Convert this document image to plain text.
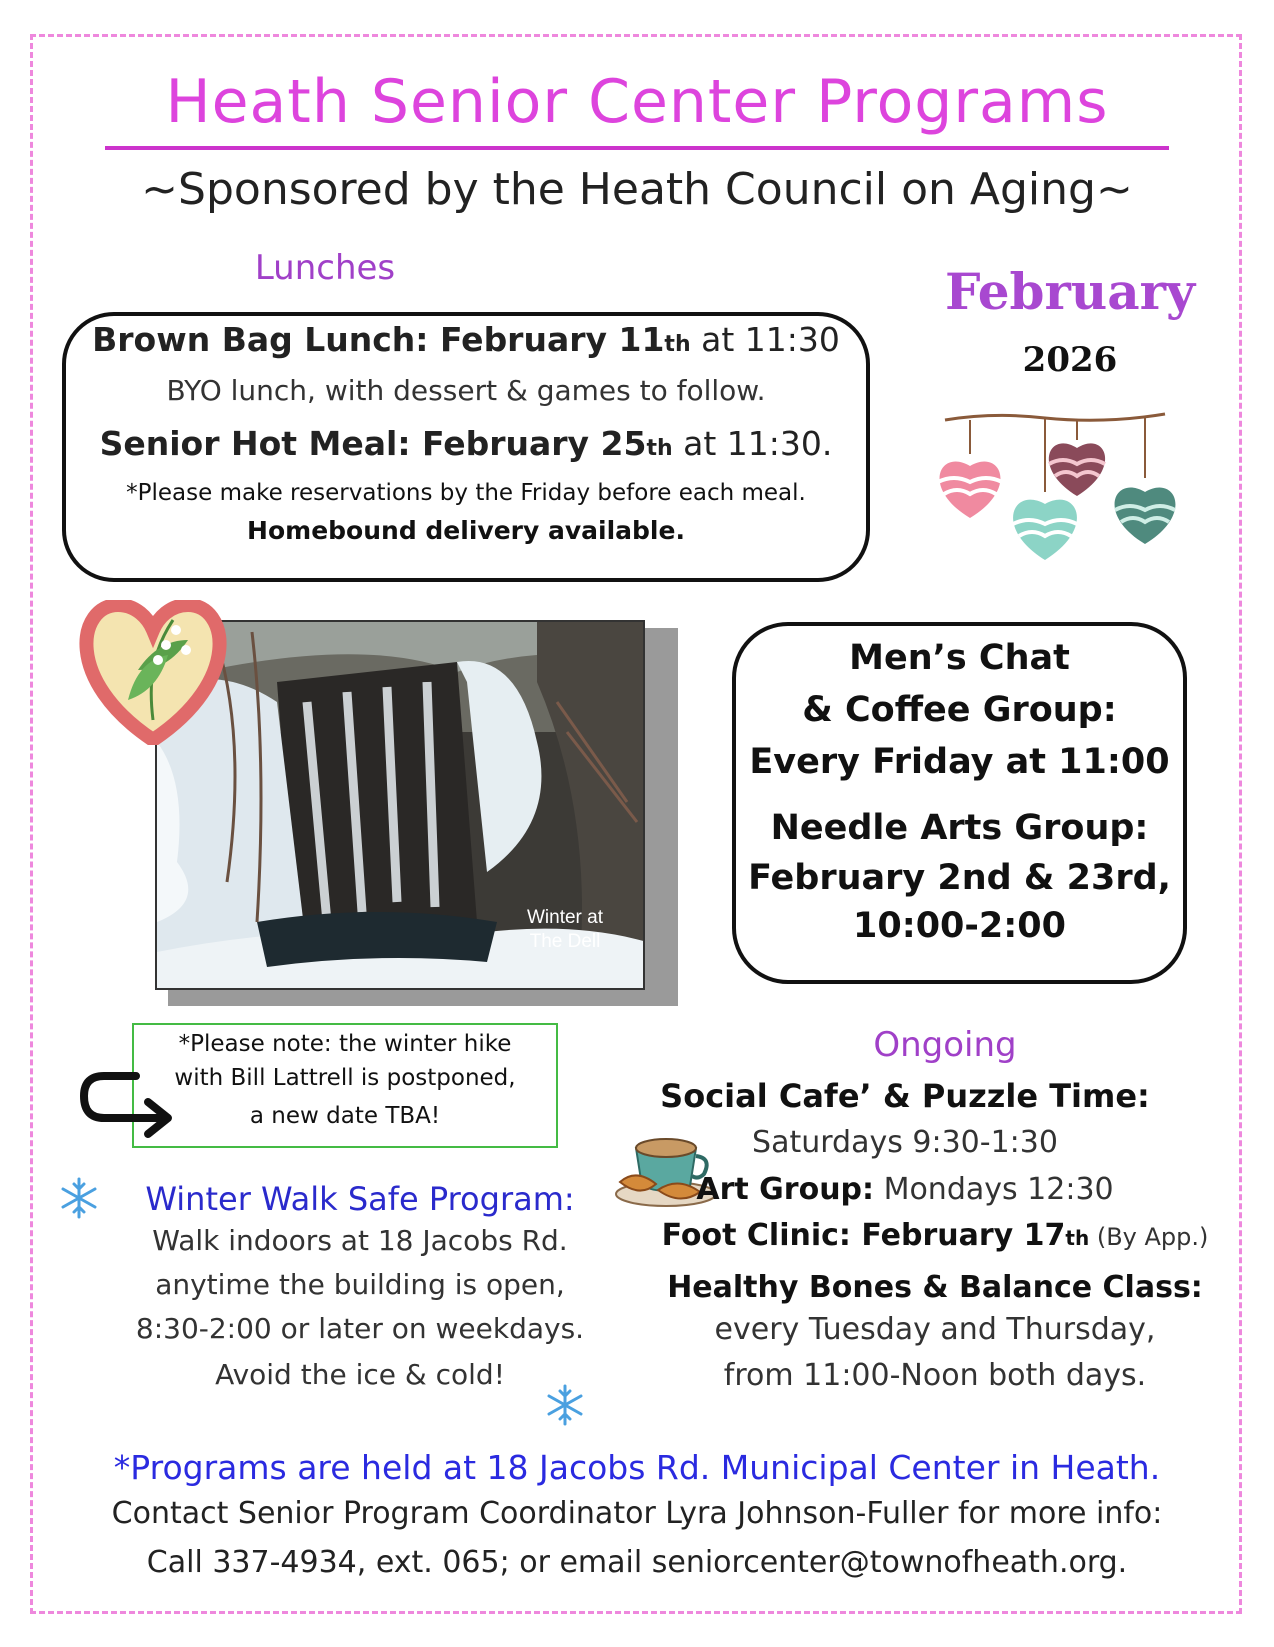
Heath Senior Center Programs
~Sponsored by the Heath Council on Aging~
Lunches	February
2026
Brown Bag Lunch: February 11th at 11:30
BYO lunch, with dessert & games to follow.
Senior Hot Meal: February 25th at 11:30.
*Please make reservations by the Friday before each meal.
Homebound delivery available.
Winter at
The Dell
Men’s Chat
& Coffee Group:
Every Friday at 11:00
Needle Arts Group:
February 2nd & 23rd,
10:00-2:00
*Please note: the winter hike
with Bill Lattrell is postponed,
a new date TBA!
Winter Walk Safe Program:
Walk indoors at 18 Jacobs Rd.
anytime the building is open,
8:30-2:00 or later on weekdays.
Avoid the ice & cold!
Ongoing
Social Cafe’ & Puzzle Time:
Saturdays 9:30-1:30
Art Group: Mondays 12:30
Foot Clinic: February 17th (By App.)
Healthy Bones & Balance Class:
every Tuesday and Thursday,
from 11:00-Noon both days.
*Programs are held at 18 Jacobs Rd. Municipal Center in Heath.
Contact Senior Program Coordinator Lyra Johnson-Fuller for more info:
Call 337-4934, ext. 065; or email seniorcenter@townofheath.org.
